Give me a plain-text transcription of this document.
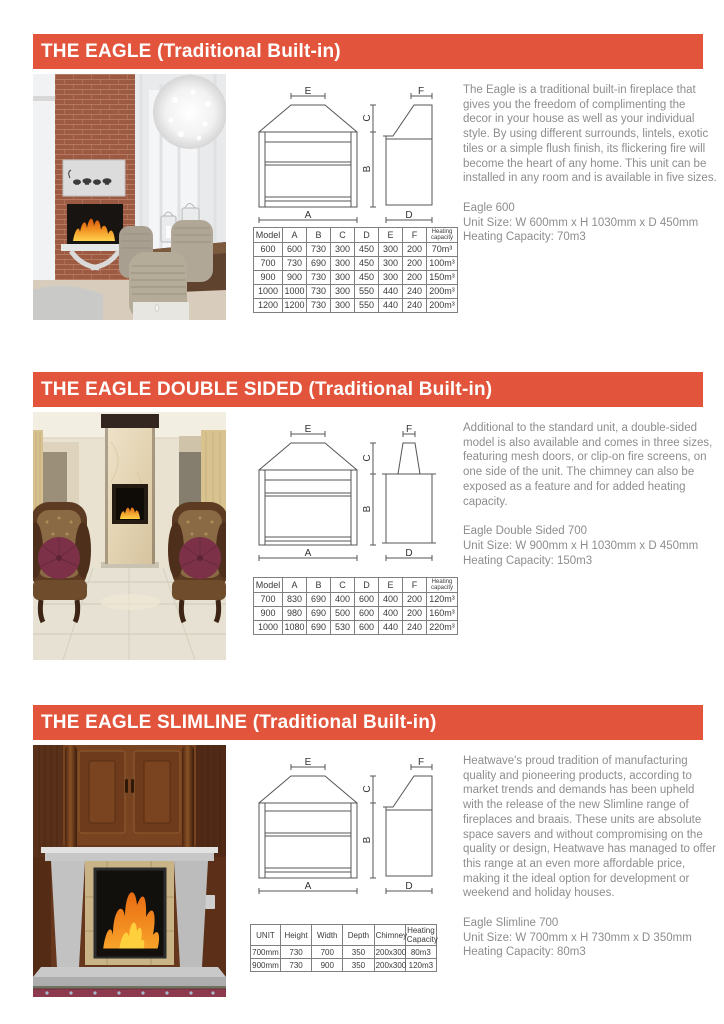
THE EAGLE (Traditional Built-in)
E
A
C
B
F
D
Model	A	B	C	D	E	F	Heating capacity
600	600	730	300	450	300	200	70m³
700	730	690	300	450	300	200	100m³
900	900	730	300	450	300	200	150m³
1000	1000	730	300	550	440	240	200m³
1200	1200	730	300	550	440	240	200m³

The Eagle is a traditional built-in fireplace that gives you the freedom of complimenting the decor in your house as well as your individual style. By using different surrounds, lintels, exotic tiles or a simple flush finish, its flickering fire will become the heart of any home. This unit can be installed in any room and is available in five sizes.

Eagle 600
Unit Size: W 600mm x H 1030mm x D 450mm
Heating Capacity: 70m3
THE EAGLE DOUBLE SIDED (Traditional Built-in)
E
A
C
B
F
D
Model	A	B	C	D	E	F	Heating capacity
700	830	690	400	600	400	200	120m³
900	980	690	500	600	400	200	160m³
1000	1080	690	530	600	440	240	220m³

Additional to the standard unit, a double-sided model is also available and comes in three sizes, featuring mesh doors, or clip-on fire screens, on one side of the unit. The chimney can also be exposed as a feature and for added heating capacity.

Eagle Double Sided 700
Unit Size: W 900mm x H 1030mm x D 450mm
Heating Capacity: 150m3
THE EAGLE SLIMLINE (Traditional Built-in)
E
A
C
B
F
D
UNIT	Height	Width	Depth	Chimney	Heating Capacity
700mm	730	700	350	200x300	80m3
900mm	730	900	350	200x300	120m3

Heatwave's proud tradition of manufacturing quality and pioneering products, according to market trends and demands has been upheld with the release of the new Slimline range of fireplaces and braais. These units are absolute space savers and without compromising on the quality or design, Heatwave has managed to offer this range at an even more affordable price, making it the ideal option for development or weekend and holiday houses.

Eagle Slimline 700
Unit Size: W 700mm x H 730mm x D 350mm
Heating Capacity: 80m3
